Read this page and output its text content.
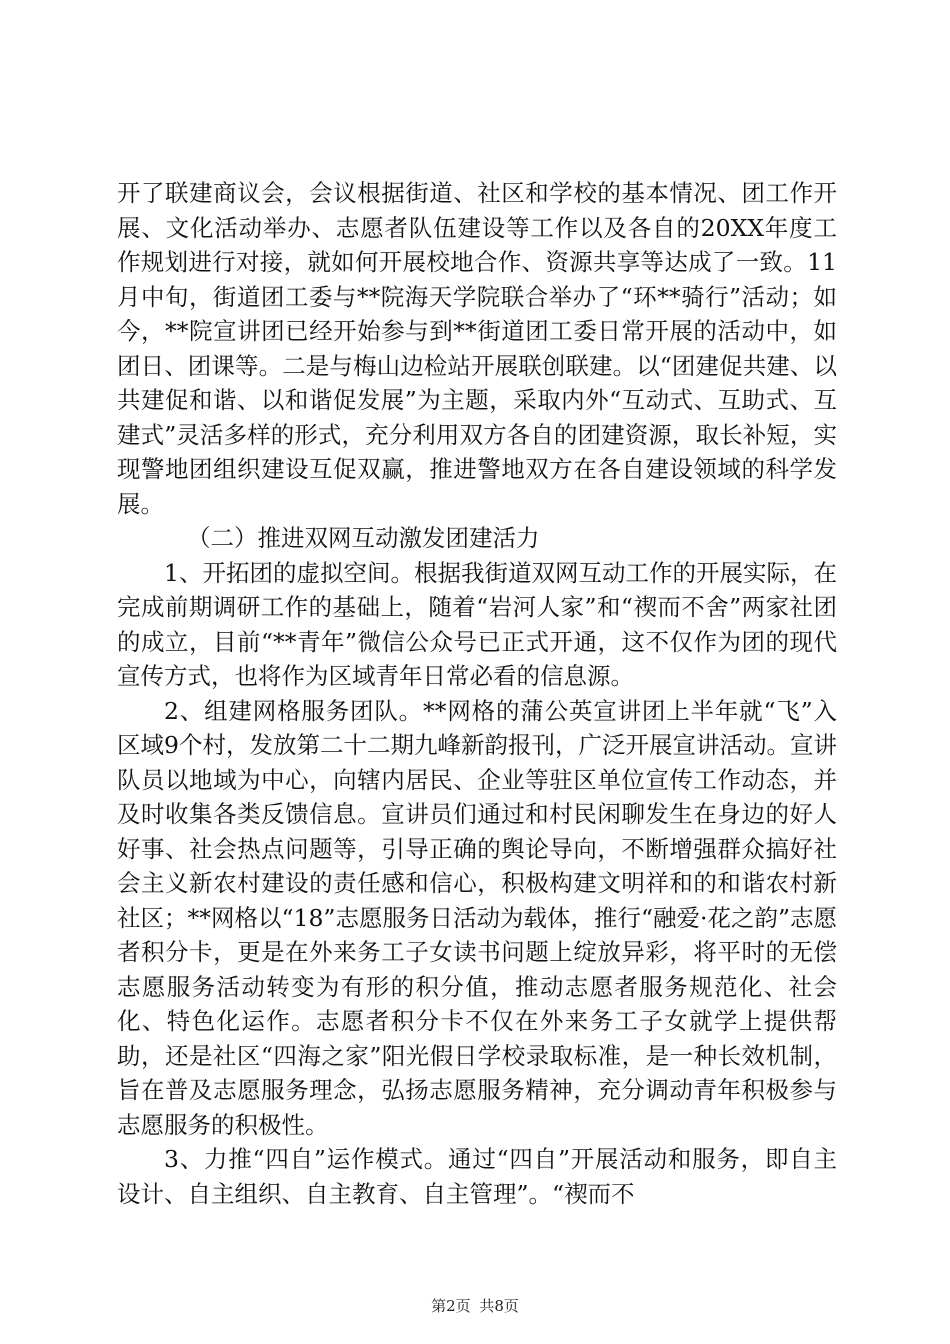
开了联建商议会，会议根据街道、社区和学校的基本情况、团工作开展、文化活动举办、志愿者队伍建设等工作以及各自的20XX年度工作规划进行对接，就如何开展校地合作、资源共享等达成了一致。11月中旬，街道团工委与**院海天学院联合举办了“环**骑行”活动；如今，**院宣讲团已经开始参与到**街道团工委日常开展的活动中，如团日、团课等。二是与梅山边检站开展联创联建。以“团建促共建、以共建促和谐、以和谐促发展”为主题，采取内外“互动式、互助式、互建式”灵活多样的形式，充分利用双方各自的团建资源，取长补短，实现警地团组织建设互促双赢，推进警地双方在各自建设领域的科学发展。

（二）推进双网互动激发团建活力

1、开拓团的虚拟空间。根据我街道双网互动工作的开展实际，在完成前期调研工作的基础上，随着“岩河人家”和“禊而不舍”两家社团的成立，目前“**青年”微信公众号已正式开通，这不仅作为团的现代宣传方式，也将作为区域青年日常必看的信息源。

2、组建网格服务团队。**网格的蒲公英宣讲团上半年就“飞”入区域9个村，发放第二十二期九峰新韵报刊，广泛开展宣讲活动。宣讲队员以地域为中心，向辖内居民、企业等驻区单位宣传工作动态，并及时收集各类反馈信息。宣讲员们通过和村民闲聊发生在身边的好人好事、社会热点问题等，引导正确的舆论导向，不断增强群众搞好社会主义新农村建设的责任感和信心，积极构建文明祥和的和谐农村新社区；**网格以“18”志愿服务日活动为载体，推行“融爱·花之韵”志愿者积分卡，更是在外来务工子女读书问题上绽放异彩，将平时的无偿志愿服务活动转变为有形的积分值，推动志愿者服务规范化、社会化、特色化运作。志愿者积分卡不仅在外来务工子女就学上提供帮助，还是社区“四海之家”阳光假日学校录取标准，是一种长效机制，旨在普及志愿服务理念，弘扬志愿服务精神，充分调动青年积极参与志愿服务的积极性。

3、力推“四自”运作模式。通过“四自”开展活动和服务，即自主设计、自主组织、自主教育、自主管理”。“禊而不

第2页 共8页
